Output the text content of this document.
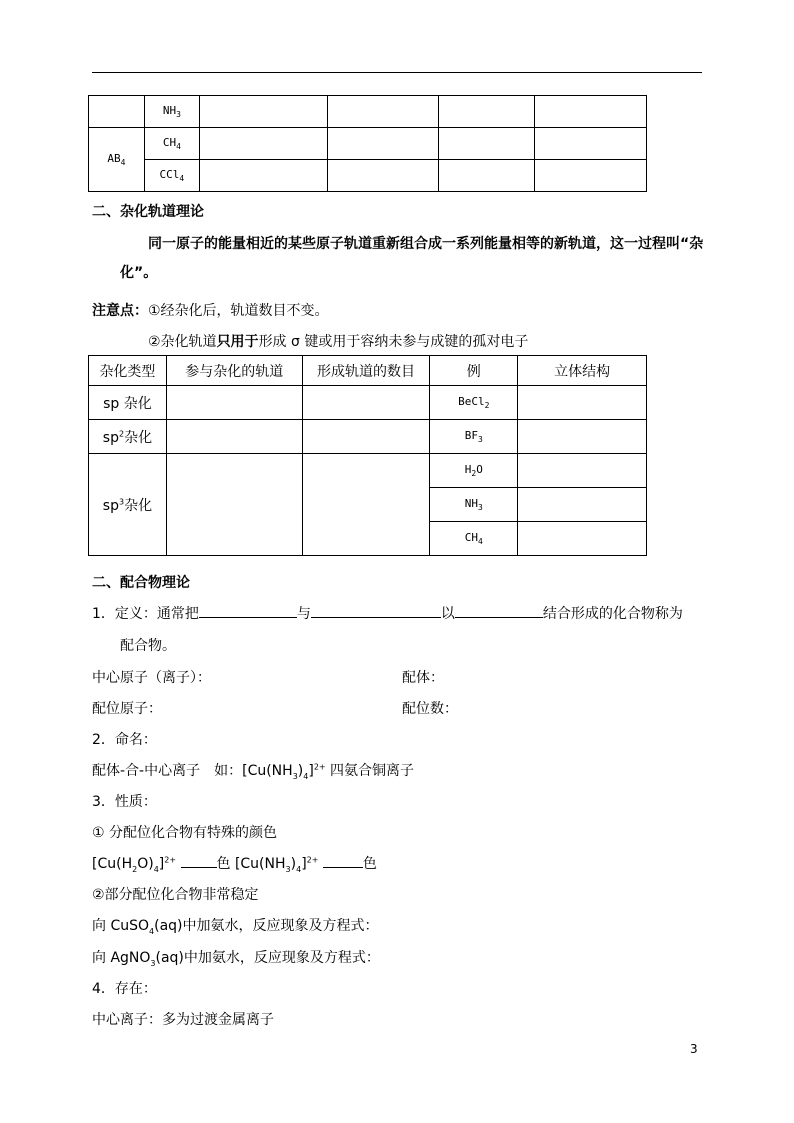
	$NH_3$				
$AB_4$	$CH_4$				
	CCl$_4$				
二、杂化轨道理论
同一原子的能量相近的某些原子轨道重新组合成一系列能量相等的新轨道，这一过程叫“杂
化”。
注意点：①经杂化后，轨道数目不变。
②杂化轨道只用于形成 σ 键或用于容纳未参与成键的孤对电子
杂化类型	参与杂化的轨道	形成轨道的数目	例	立体结构
sp 杂化			BeCl$_2$	
$sp^2$杂化			$BF_3$	
$sp^3$杂化			$H_2O$	
			$NH_3$	
			$CH_4$	
二、配合物理论
1．定义：通常把	与	以	结合形成的化合物称为
配合物。
中心原子（离子）：	配体：
配位原子：	配位数：
2．命名：
配体-合-中心离子　如：$[Cu(NH_3)_4]^{2+}$ 四氨合铜离子
3．性质：
① 分配位化合物有特殊的颜色
$[Cu(H_2O)_4]^{2+}$	色 $[Cu(NH_3)_4]^{2+}$	色
②部分配位化合物非常稳定
向 CuSO$_4$(aq)中加氨水，反应现象及方程式：
向 AgNO$_3$(aq)中加氨水，反应现象及方程式：
4．存在：
中心离子：多为过渡金属离子
3
